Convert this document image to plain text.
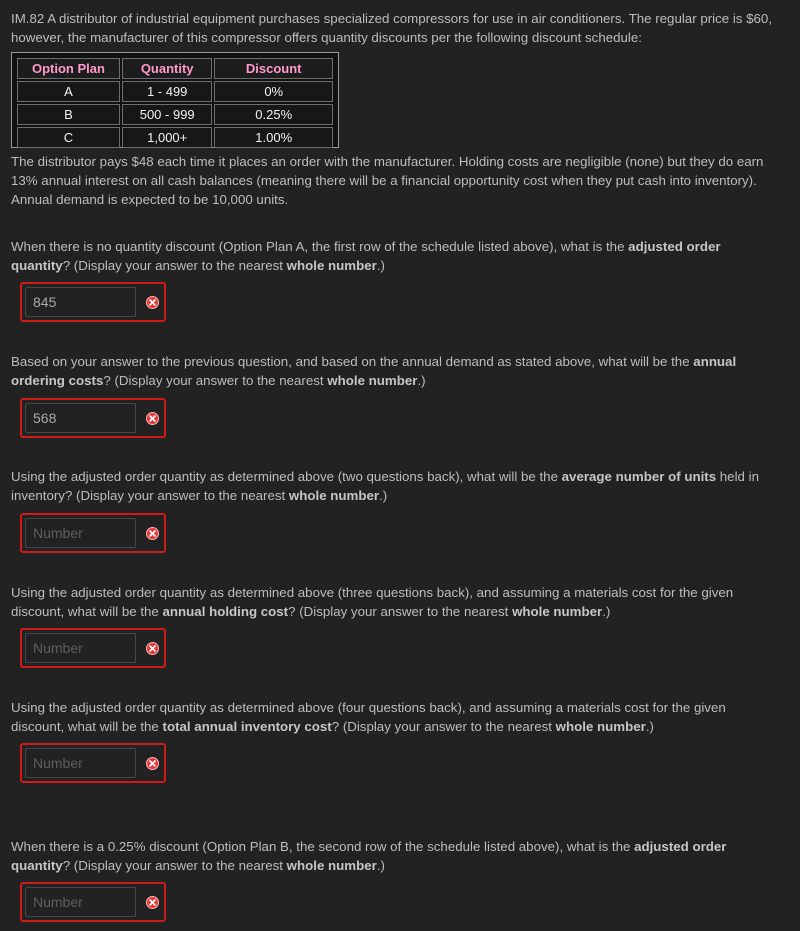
IM.82 A distributor of industrial equipment purchases specialized compressors for use in air conditioners. The regular price is $60, however, the manufacturer of this compressor offers quantity discounts per the following discount schedule:

Option Plan	Quantity	Discount
A	1 - 499	0%
B	500 - 999	0.25%
C	1,000+	1.00%

The distributor pays $48 each time it places an order with the manufacturer. Holding costs are negligible (none) but they do earn 13% annual interest on all cash balances (meaning there will be a financial opportunity cost when they put cash into inventory). Annual demand is expected to be 10,000 units.

When there is no quantity discount (Option Plan A, the first row of the schedule listed above), what is the adjusted order quantity? (Display your answer to the nearest whole number.)

845

Based on your answer to the previous question, and based on the annual demand as stated above, what will be the annual ordering costs? (Display your answer to the nearest whole number.)

568

Using the adjusted order quantity as determined above (two questions back), what will be the average number of units held in inventory? (Display your answer to the nearest whole number.)

Number

Using the adjusted order quantity as determined above (three questions back), and assuming a materials cost for the given discount, what will be the annual holding cost? (Display your answer to the nearest whole number.)

Number

Using the adjusted order quantity as determined above (four questions back), and assuming a materials cost for the given discount, what will be the total annual inventory cost? (Display your answer to the nearest whole number.)

Number

When there is a 0.25% discount (Option Plan B, the second row of the schedule listed above), what is the adjusted order quantity? (Display your answer to the nearest whole number.)

Number
